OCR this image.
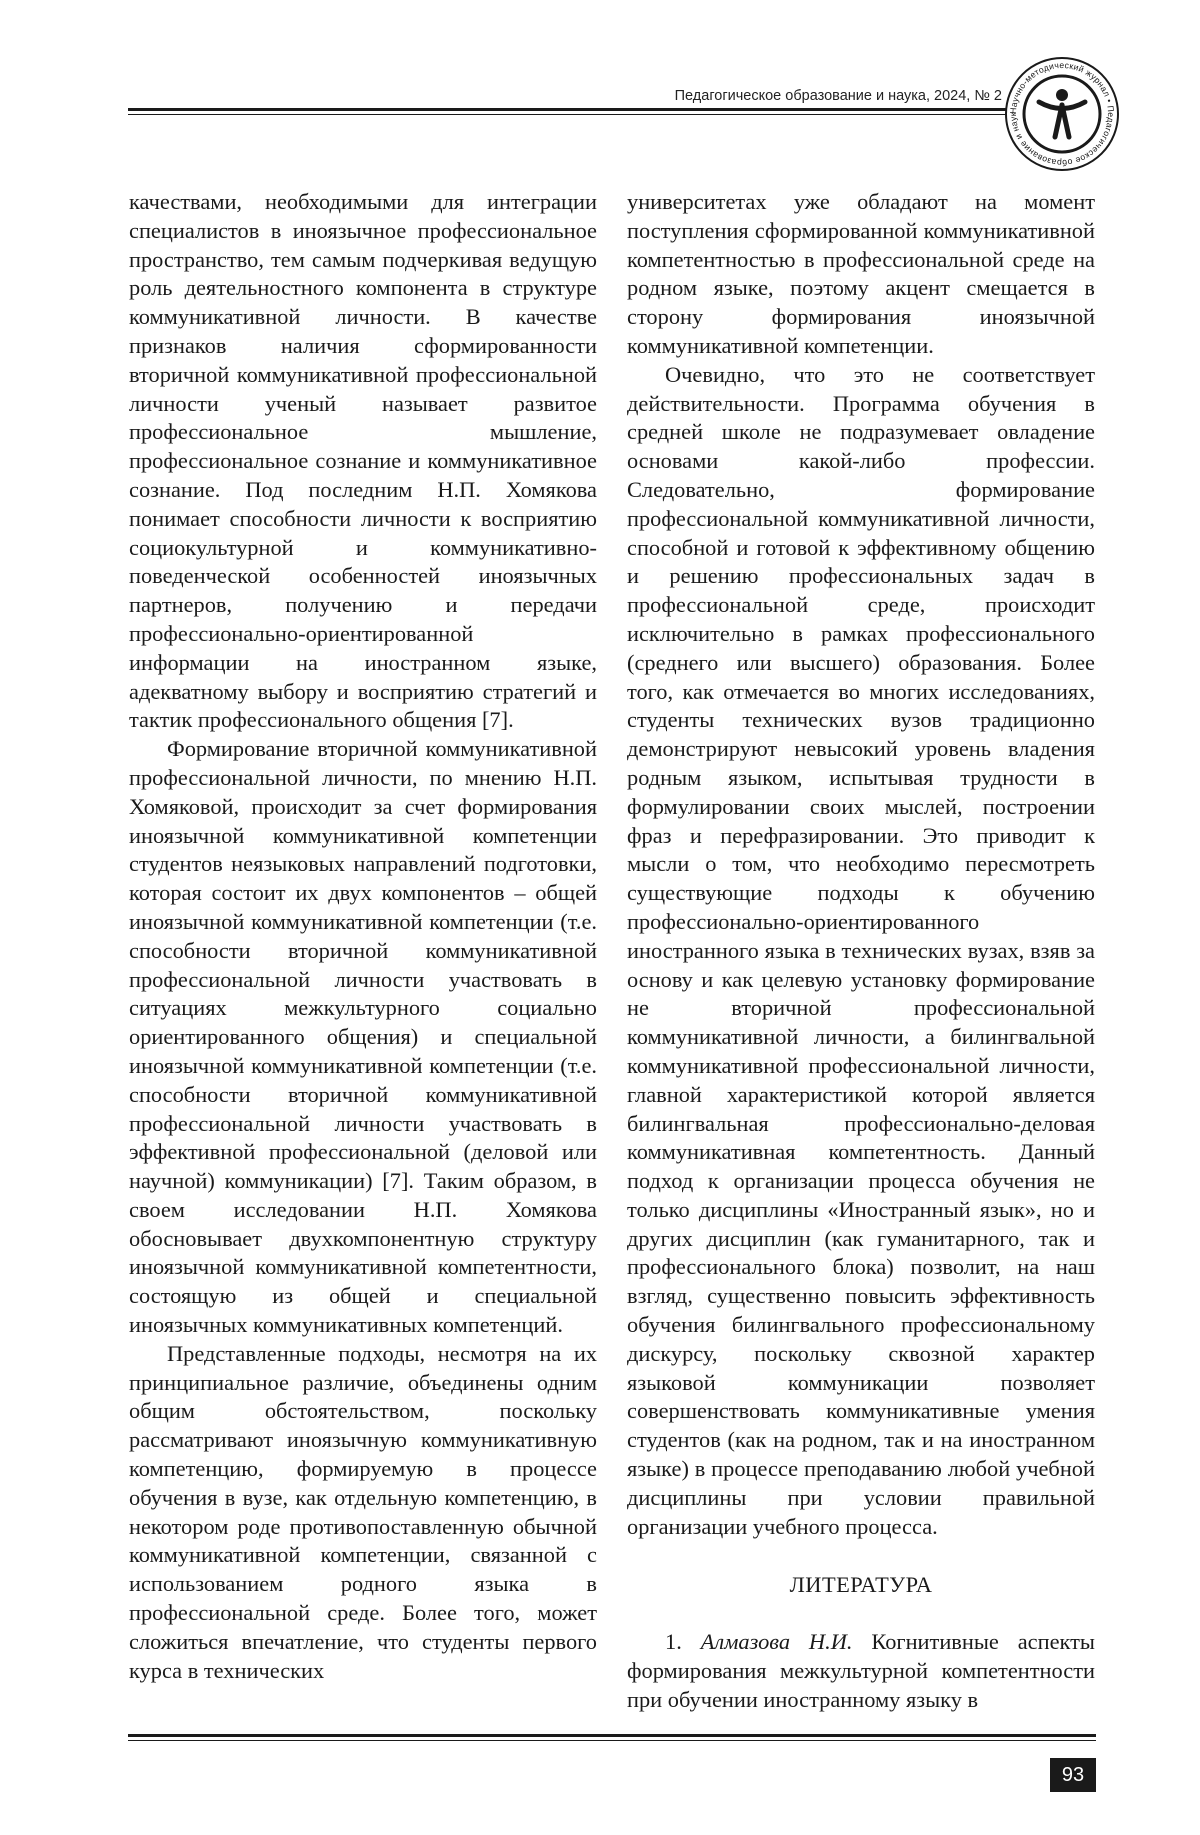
Педагогическое образование и наука, 2024, № 2
Научно-методический журнал • Педагогическое образование и наук

качествами, необходимыми для интеграции специалистов в иноязычное профессиональное пространство, тем самым подчеркивая ведущую роль деятельностного компонента в структуре коммуникативной личности. В качестве признаков наличия сформированности вторичной коммуникативной профессиональной личности ученый называет развитое профессиональное мышление, профессиональное сознание и коммуникативное сознание. Под последним Н.П. Хомякова понимает способности личности к восприятию социокультурной и коммуникативно-поведенческой особенностей иноязычных партнеров, получению и передачи профессионально-ориентированной информации на иностранном языке, адекватному выбору и восприятию стратегий и тактик профессионального общения [7].

Формирование вторичной коммуникативной профессиональной личности, по мнению Н.П. Хомяковой, происходит за счет формирования иноязычной коммуникативной компетенции студентов неязыковых направлений подготовки, которая состоит их двух компонентов – общей иноязычной коммуникативной компетенции (т.е. способности вторичной коммуникативной профессиональной личности участвовать в ситуациях межкультурного социально ориентированного общения) и специальной иноязычной коммуникативной компетенции (т.е. способности вторичной коммуникативной профессиональной личности участвовать в эффективной профессиональной (деловой или научной) коммуникации) [7]. Таким образом, в своем исследовании Н.П. Хомякова обосновывает двухкомпонентную структуру иноязычной коммуникативной компетентности, состоящую из общей и специальной иноязычных коммуникативных компетенций.

Представленные подходы, несмотря на их принципиальное различие, объединены одним общим обстоятельством, поскольку рассматривают иноязычную коммуникативную компетенцию, формируемую в процессе обучения в вузе, как отдельную компетенцию, в некотором роде противопоставленную обычной коммуникативной компетенции, связанной с использованием родного языка в профессиональной среде. Более того, может сложиться впечатление, что студенты первого курса в технических

университетах уже обладают на момент поступления сформированной коммуникативной компетентностью в профессиональной среде на родном языке, поэтому акцент смещается в сторону формирования иноязычной коммуникативной компетенции.

Очевидно, что это не соответствует действительности. Программа обучения в средней школе не подразумевает овладение основами какой-либо профессии. Следовательно, формирование профессиональной коммуникативной личности, способной и готовой к эффективному общению и решению профессиональных задач в профессиональной среде, происходит исключительно в рамках профессионального (среднего или высшего) образования. Более того, как отмечается во многих исследованиях, студенты технических вузов традиционно демонстрируют невысокий уровень владения родным языком, испытывая трудности в формулировании своих мыслей, построении фраз и перефразировании. Это приводит к мысли о том, что необходимо пересмотреть существующие подходы к обучению профессионально-ориентированного иностранного языка в технических вузах, взяв за основу и как целевую установку формирование не вторичной профессиональной коммуникативной личности, а билингвальной коммуникативной профессиональной личности, главной характеристикой которой является билингвальная профессионально-деловая коммуникативная компетентность. Данный подход к организации процесса обучения не только дисциплины «Иностранный язык», но и других дисциплин (как гуманитарного, так и профессионального блока) позволит, на наш взгляд, существенно повысить эффективность обучения билингвального профессиональному дискурсу, поскольку сквозной характер языковой коммуникации позволяет совершенствовать коммуникативные умения студентов (как на родном, так и на иностранном языке) в процессе преподаванию любой учебной дисциплины при условии правильной организации учебного процесса.

ЛИТЕРАТУРА

1. Алмазова Н.И. Когнитивные аспекты формирования межкультурной компетентности при обучении иностранному языку в

93
